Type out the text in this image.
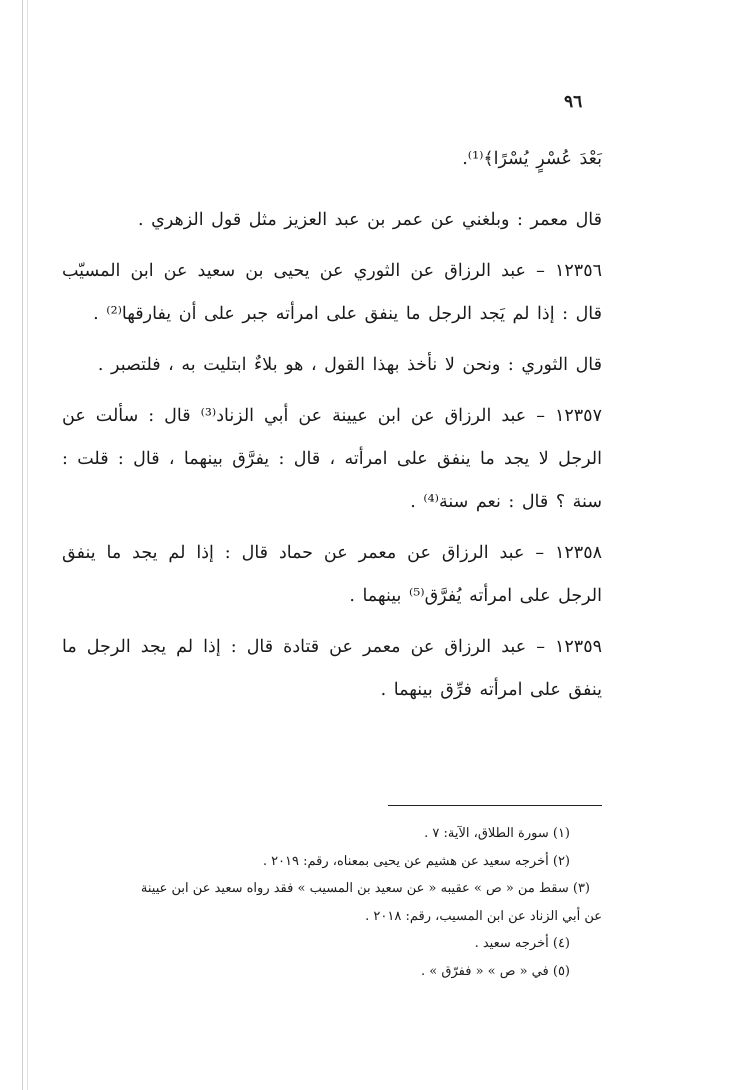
٩٦

بَعْدَ عُسْرٍ يُسْرًا﴾⁽¹⁾.

قال معمر : وبلغني عن عمر بن عبد العزيز مثل قول الزهري .

١٢٣٥٦ – عبد الرزاق عن الثوري عن يحيى بن سعيد عن ابن المسيّب قال : إذا لم يَجد الرجل ما ينفق على امرأته جبر على أن يفارقها⁽²⁾ .

قال الثوري : ونحن لا نأخذ بهذا القول ، هو بلاءٌ ابتليت به ، فلتصبر .

١٢٣٥٧ – عبد الرزاق عن ابن عيينة عن أبي الزناد⁽³⁾ قال : سألت عن الرجل لا يجد ما ينفق على امرأته ، قال : يفرَّق بينهما ، قال : قلت : سنة ؟ قال : نعم سنة⁽⁴⁾ .

١٢٣٥٨ – عبد الرزاق عن معمر عن حماد قال : إذا لم يجد ما ينفق الرجل على امرأته يُفرَّق⁽⁵⁾ بينهما .

١٢٣٥٩ – عبد الرزاق عن معمر عن قتادة قال : إذا لم يجد الرجل ما ينفق على امرأته فرِّق بينهما .

(١) سورة الطلاق، الآية: ٧ .

(٢) أخرجه سعيد عن هشيم عن يحيى بمعناه، رقم: ٢٠١٩ .

(٣) سقط من « ص » عقيبه « عن سعيد بن المسيب » فقد رواه سعيد عن ابن عيينة

عن أبي الزناد عن ابن المسيب، رقم: ٢٠١٨ .

(٤) أخرجه سعيد .

(٥) في « ص » « ففرّق » .
